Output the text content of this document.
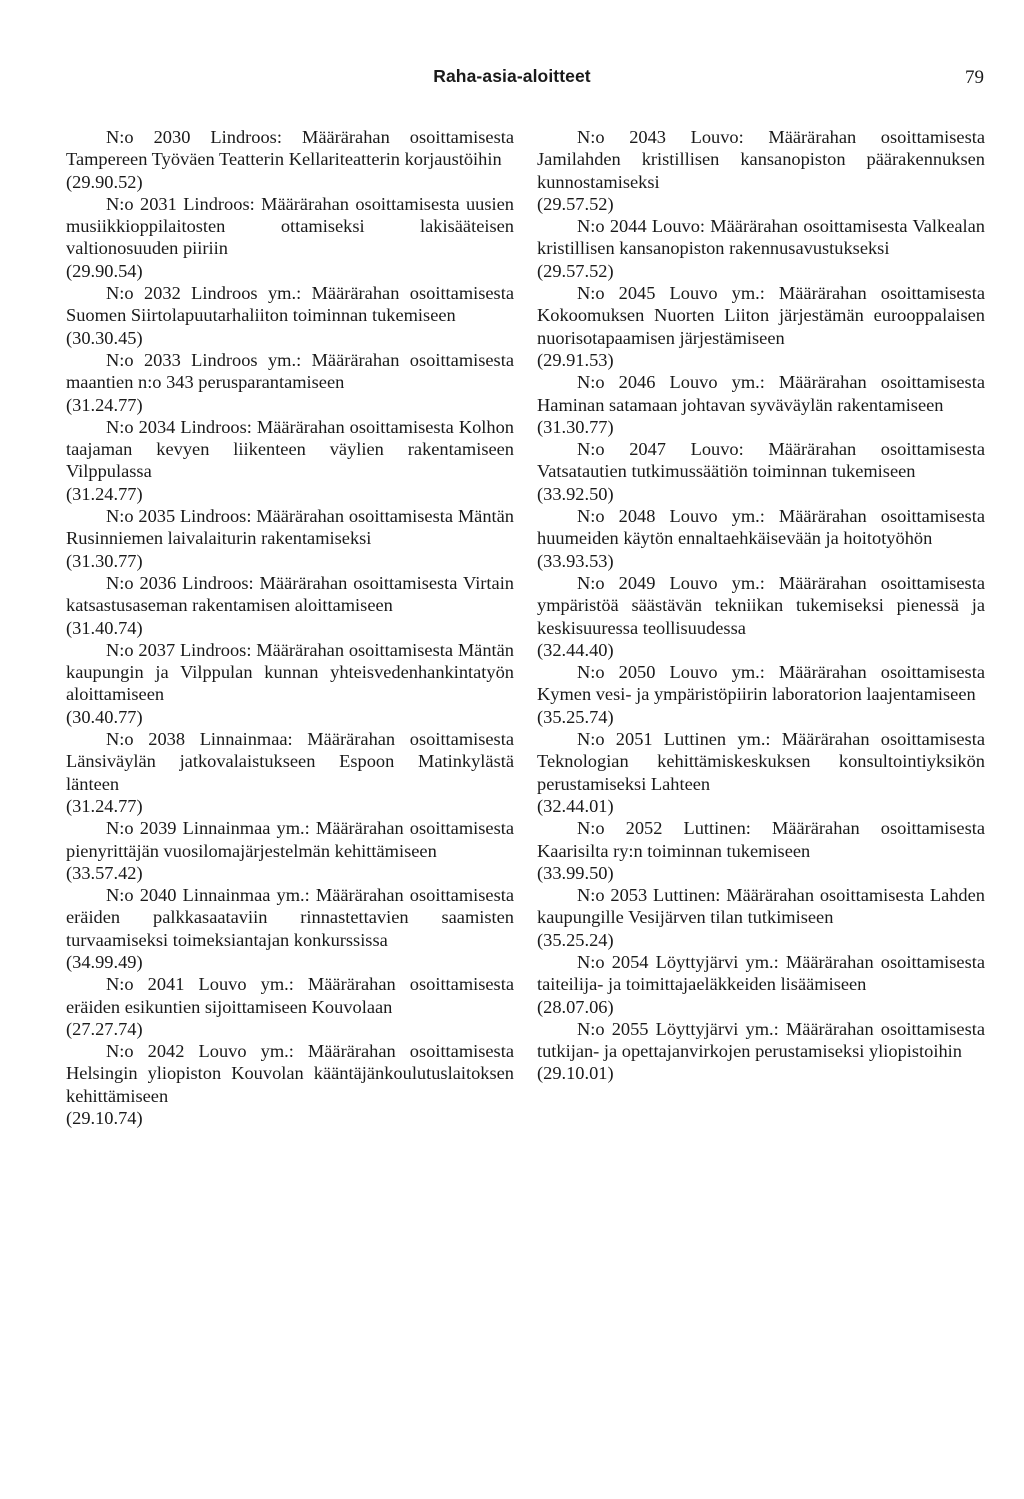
Raha-asia-aloitteet	79
N:o 2030 Lindroos: Määrärahan osoittamisesta Tampereen Työväen Teatterin Kellariteatterin korjaustöihin
(29.90.52)
N:o 2031 Lindroos: Määrärahan osoittamisesta uusien musiikkioppilaitosten ottamiseksi lakisääteisen valtionosuuden piiriin
(29.90.54)
N:o 2032 Lindroos ym.: Määrärahan osoittamisesta Suomen Siirtolapuutarhaliiton toiminnan tukemiseen
(30.30.45)
N:o 2033 Lindroos ym.: Määrärahan osoittamisesta maantien n:o 343 perusparantamiseen
(31.24.77)
N:o 2034 Lindroos: Määrärahan osoittamisesta Kolhon taajaman kevyen liikenteen väylien rakentamiseen Vilppulassa
(31.24.77)
N:o 2035 Lindroos: Määrärahan osoittamisesta Mäntän Rusinniemen laivalaiturin rakentamiseksi
(31.30.77)
N:o 2036 Lindroos: Määrärahan osoittamisesta Virtain katsastusaseman rakentamisen aloittamiseen
(31.40.74)
N:o 2037 Lindroos: Määrärahan osoittamisesta Mäntän kaupungin ja Vilppulan kunnan yhteisvedenhankintatyön aloittamiseen
(30.40.77)
N:o 2038 Linnainmaa: Määrärahan osoittamisesta Länsiväylän jatkovalaistukseen Espoon Matinkylästä länteen
(31.24.77)
N:o 2039 Linnainmaa ym.: Määrärahan osoittamisesta pienyrittäjän vuosilomajärjestelmän kehittämiseen
(33.57.42)
N:o 2040 Linnainmaa ym.: Määrärahan osoittamisesta eräiden palkkasaataviin rinnastettavien saamisten turvaamiseksi toimeksiantajan konkurssissa
(34.99.49)
N:o 2041 Louvo ym.: Määrärahan osoittamisesta eräiden esikuntien sijoittamiseen Kouvolaan
(27.27.74)
N:o 2042 Louvo ym.: Määrärahan osoittamisesta Helsingin yliopiston Kouvolan kääntäjänkoulutuslaitoksen kehittämiseen
(29.10.74)
N:o 2043 Louvo: Määrärahan osoittamisesta Jamilahden kristillisen kansanopiston päärakennuksen kunnostamiseksi
(29.57.52)
N:o 2044 Louvo: Määrärahan osoittamisesta Valkealan kristillisen kansanopiston rakennusavustukseksi
(29.57.52)
N:o 2045 Louvo ym.: Määrärahan osoittamisesta Kokoomuksen Nuorten Liiton järjestämän eurooppalaisen nuorisotapaamisen järjestämiseen
(29.91.53)
N:o 2046 Louvo ym.: Määrärahan osoittamisesta Haminan satamaan johtavan syväväylän rakentamiseen
(31.30.77)
N:o 2047 Louvo: Määrärahan osoittamisesta Vatsatautien tutkimussäätiön toiminnan tukemiseen
(33.92.50)
N:o 2048 Louvo ym.: Määrärahan osoittamisesta huumeiden käytön ennaltaehkäisevään ja hoitotyöhön
(33.93.53)
N:o 2049 Louvo ym.: Määrärahan osoittamisesta ympäristöä säästävän tekniikan tukemiseksi pienessä ja keskisuuressa teollisuudessa
(32.44.40)
N:o 2050 Louvo ym.: Määrärahan osoittamisesta Kymen vesi- ja ympäristöpiirin laboratorion laajentamiseen
(35.25.74)
N:o 2051 Luttinen ym.: Määrärahan osoittamisesta Teknologian kehittämiskeskuksen konsultointiyksikön perustamiseksi Lahteen
(32.44.01)
N:o 2052 Luttinen: Määrärahan osoittamisesta Kaarisilta ry:n toiminnan tukemiseen
(33.99.50)
N:o 2053 Luttinen: Määrärahan osoittamisesta Lahden kaupungille Vesijärven tilan tutkimiseen
(35.25.24)
N:o 2054 Löyttyjärvi ym.: Määrärahan osoittamisesta taiteilija- ja toimittajaeläkkeiden lisäämiseen
(28.07.06)
N:o 2055 Löyttyjärvi ym.: Määrärahan osoittamisesta tutkijan- ja opettajanvirkojen perustamiseksi yliopistoihin
(29.10.01)
